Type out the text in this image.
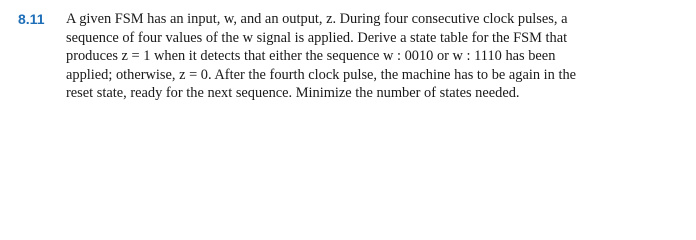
8.11 A given FSM has an input, w, and an output, z. During four consecutive clock pulses, a
sequence of four values of the w signal is applied. Derive a state table for the FSM that
produces z = 1 when it detects that either the sequence w : 0010 or w : 1110 has been
applied; otherwise, z = 0. After the fourth clock pulse, the machine has to be again in the
reset state, ready for the next sequence. Minimize the number of states needed.
